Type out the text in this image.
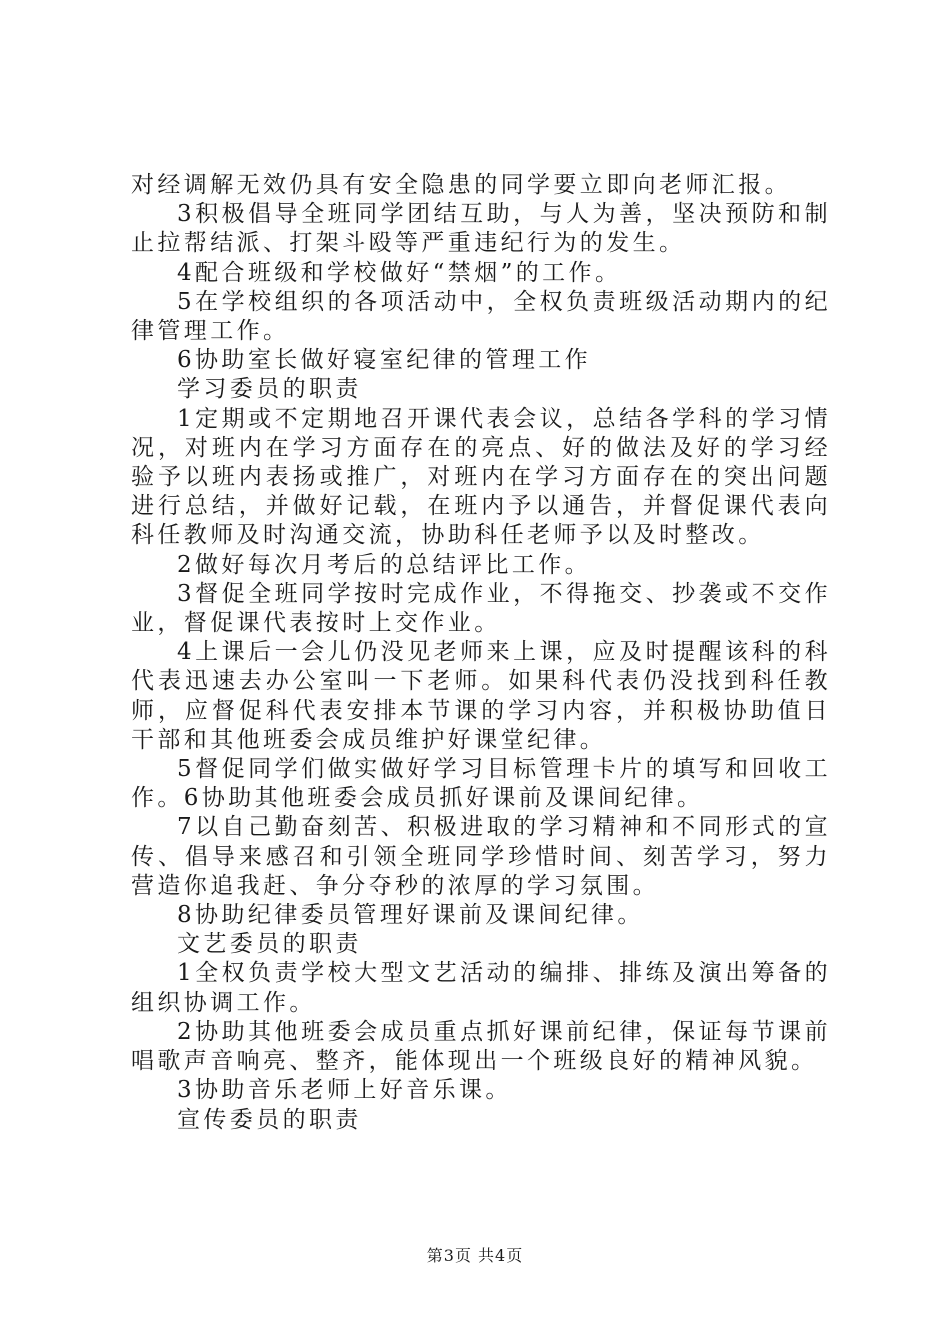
对经调解无效仍具有安全隐患的同学要立即向老师汇报。

3积极倡导全班同学团结互助，与人为善，坚决预防和制止拉帮结派、打架斗殴等严重违纪行为的发生。

4配合班级和学校做好“禁烟”的工作。

5在学校组织的各项活动中，全权负责班级活动期内的纪律管理工作。

6协助室长做好寝室纪律的管理工作

学习委员的职责

1定期或不定期地召开课代表会议，总结各学科的学习情况，对班内在学习方面存在的亮点、好的做法及好的学习经验予以班内表扬或推广，对班内在学习方面存在的突出问题进行总结，并做好记载，在班内予以通告，并督促课代表向科任教师及时沟通交流，协助科任老师予以及时整改。

2做好每次月考后的总结评比工作。

3督促全班同学按时完成作业，不得拖交、抄袭或不交作业，督促课代表按时上交作业。

4上课后一会儿仍没见老师来上课，应及时提醒该科的科代表迅速去办公室叫一下老师。如果科代表仍没找到科任教师，应督促科代表安排本节课的学习内容，并积极协助值日干部和其他班委会成员维护好课堂纪律。

5督促同学们做实做好学习目标管理卡片的填写和回收工作。6协助其他班委会成员抓好课前及课间纪律。

7以自己勤奋刻苦、积极进取的学习精神和不同形式的宣传、倡导来感召和引领全班同学珍惜时间、刻苦学习，努力营造你追我赶、争分夺秒的浓厚的学习氛围。

8协助纪律委员管理好课前及课间纪律。

文艺委员的职责

1全权负责学校大型文艺活动的编排、排练及演出筹备的组织协调工作。

2协助其他班委会成员重点抓好课前纪律，保证每节课前唱歌声音响亮、整齐，能体现出一个班级良好的精神风貌。

3协助音乐老师上好音乐课。

宣传委员的职责

第3页 共4页
